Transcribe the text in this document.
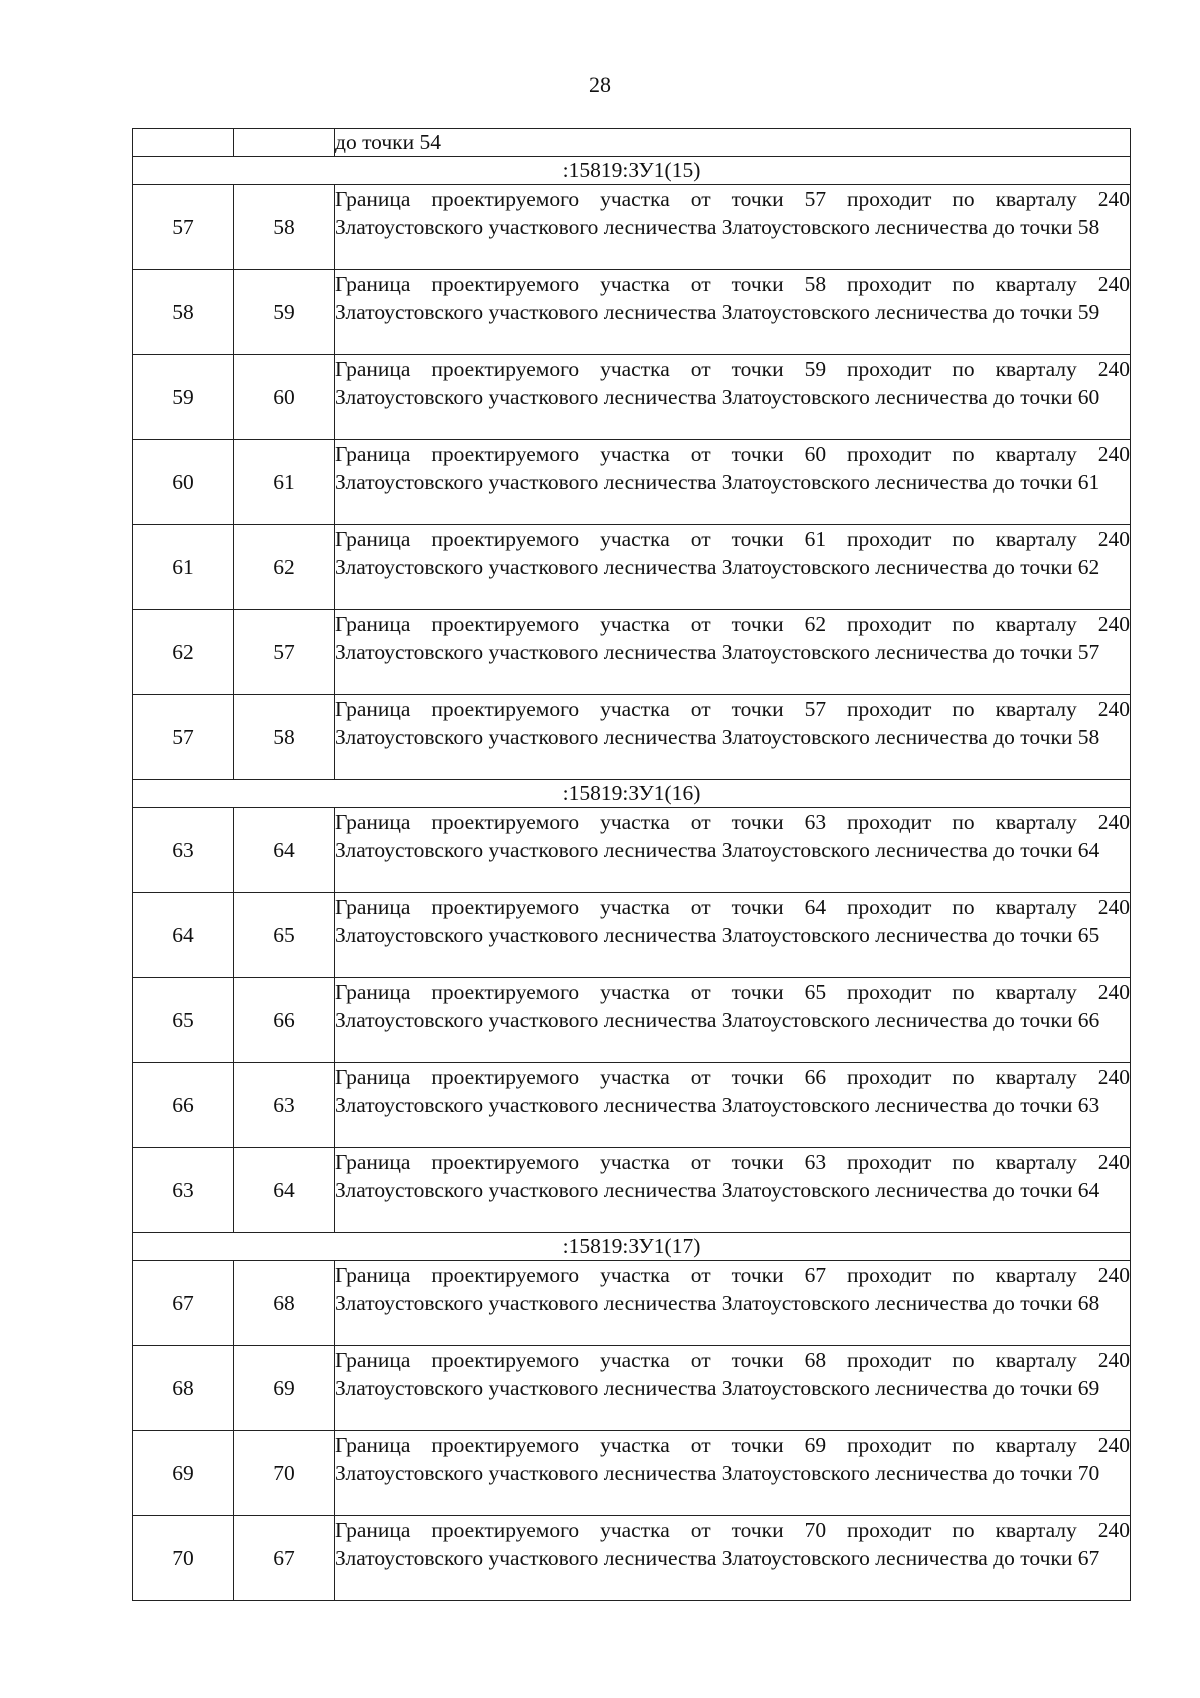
28
		до точки 54
:15819:ЗУ1(15)		
57	58	Граница проектируемого участка от точки 57 проходит по кварталу 240 Златоустовского участкового лесничества Златоустовского лесничества до точки 58
58	59	Граница проектируемого участка от точки 58 проходит по кварталу 240 Златоустовского участкового лесничества Златоустовского лесничества до точки 59
59	60	Граница проектируемого участка от точки 59 проходит по кварталу 240 Златоустовского участкового лесничества Златоустовского лесничества до точки 60
60	61	Граница проектируемого участка от точки 60 проходит по кварталу 240 Златоустовского участкового лесничества Златоустовского лесничества до точки 61
61	62	Граница проектируемого участка от точки 61 проходит по кварталу 240 Златоустовского участкового лесничества Златоустовского лесничества до точки 62
62	57	Граница проектируемого участка от точки 62 проходит по кварталу 240 Златоустовского участкового лесничества Златоустовского лесничества до точки 57
57	58	Граница проектируемого участка от точки 57 проходит по кварталу 240 Златоустовского участкового лесничества Златоустовского лесничества до точки 58
:15819:ЗУ1(16)		
63	64	Граница проектируемого участка от точки 63 проходит по кварталу 240 Златоустовского участкового лесничества Златоустовского лесничества до точки 64
64	65	Граница проектируемого участка от точки 64 проходит по кварталу 240 Златоустовского участкового лесничества Златоустовского лесничества до точки 65
65	66	Граница проектируемого участка от точки 65 проходит по кварталу 240 Златоустовского участкового лесничества Златоустовского лесничества до точки 66
66	63	Граница проектируемого участка от точки 66 проходит по кварталу 240 Златоустовского участкового лесничества Златоустовского лесничества до точки 63
63	64	Граница проектируемого участка от точки 63 проходит по кварталу 240 Златоустовского участкового лесничества Златоустовского лесничества до точки 64
:15819:ЗУ1(17)		
67	68	Граница проектируемого участка от точки 67 проходит по кварталу 240 Златоустовского участкового лесничества Златоустовского лесничества до точки 68
68	69	Граница проектируемого участка от точки 68 проходит по кварталу 240 Златоустовского участкового лесничества Златоустовского лесничества до точки 69
69	70	Граница проектируемого участка от точки 69 проходит по кварталу 240 Златоустовского участкового лесничества Златоустовского лесничества до точки 70
70	67	Граница проектируемого участка от точки 70 проходит по кварталу 240 Златоустовского участкового лесничества Златоустовского лесничества до точки 67
